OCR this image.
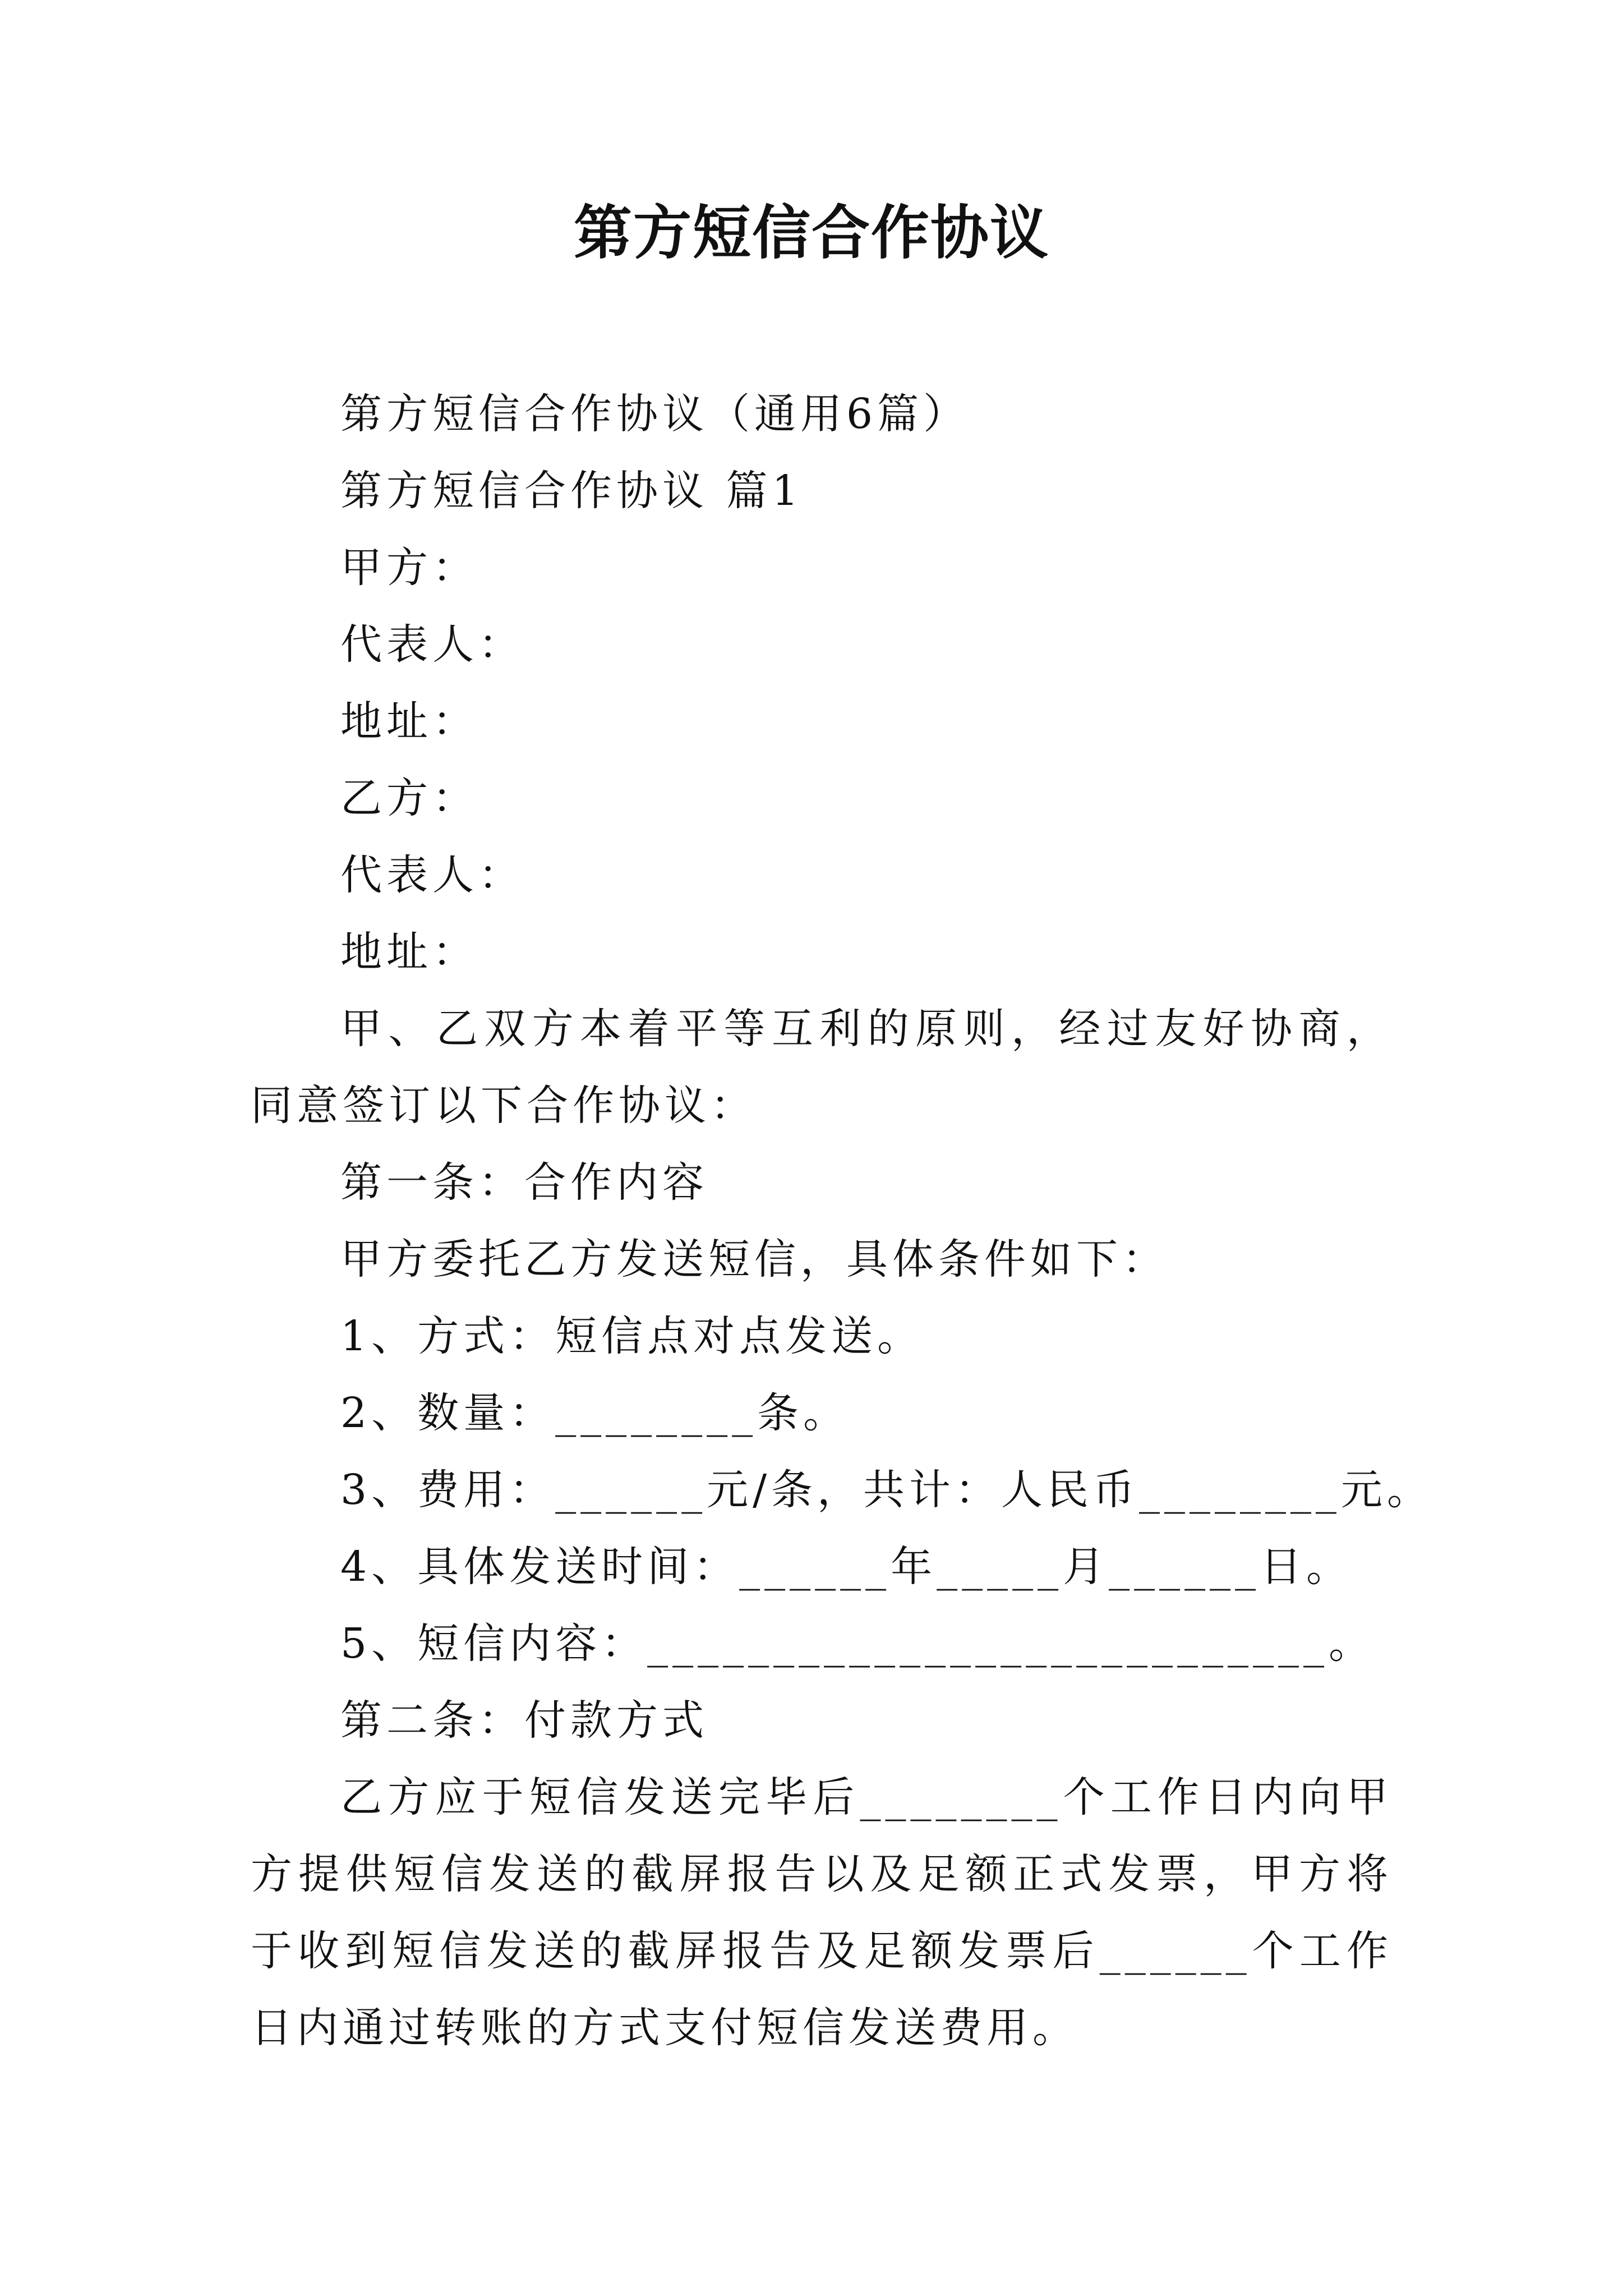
第方短信合作协议

第方短信合作协议（通用6篇）

第方短信合作协议 篇1

甲方：

代表人：

地址：

乙方：

代表人：

地址：

甲、乙双方本着平等互利的原则，经过友好协商，同意签订以下合作协议：

第一条：合作内容

甲方委托乙方发送短信，具体条件如下：

1、方式：短信点对点发送。

2、数量：________条。

3、费用：______元/条，共计：人民币________元。

4、具体发送时间：______年_____月______日。

5、短信内容：___________________________。

第二条：付款方式

乙方应于短信发送完毕后________个工作日内向甲方提供短信发送的截屏报告以及足额正式发票，甲方将于收到短信发送的截屏报告及足额发票后______个工作日内通过转账的方式支付短信发送费用。
